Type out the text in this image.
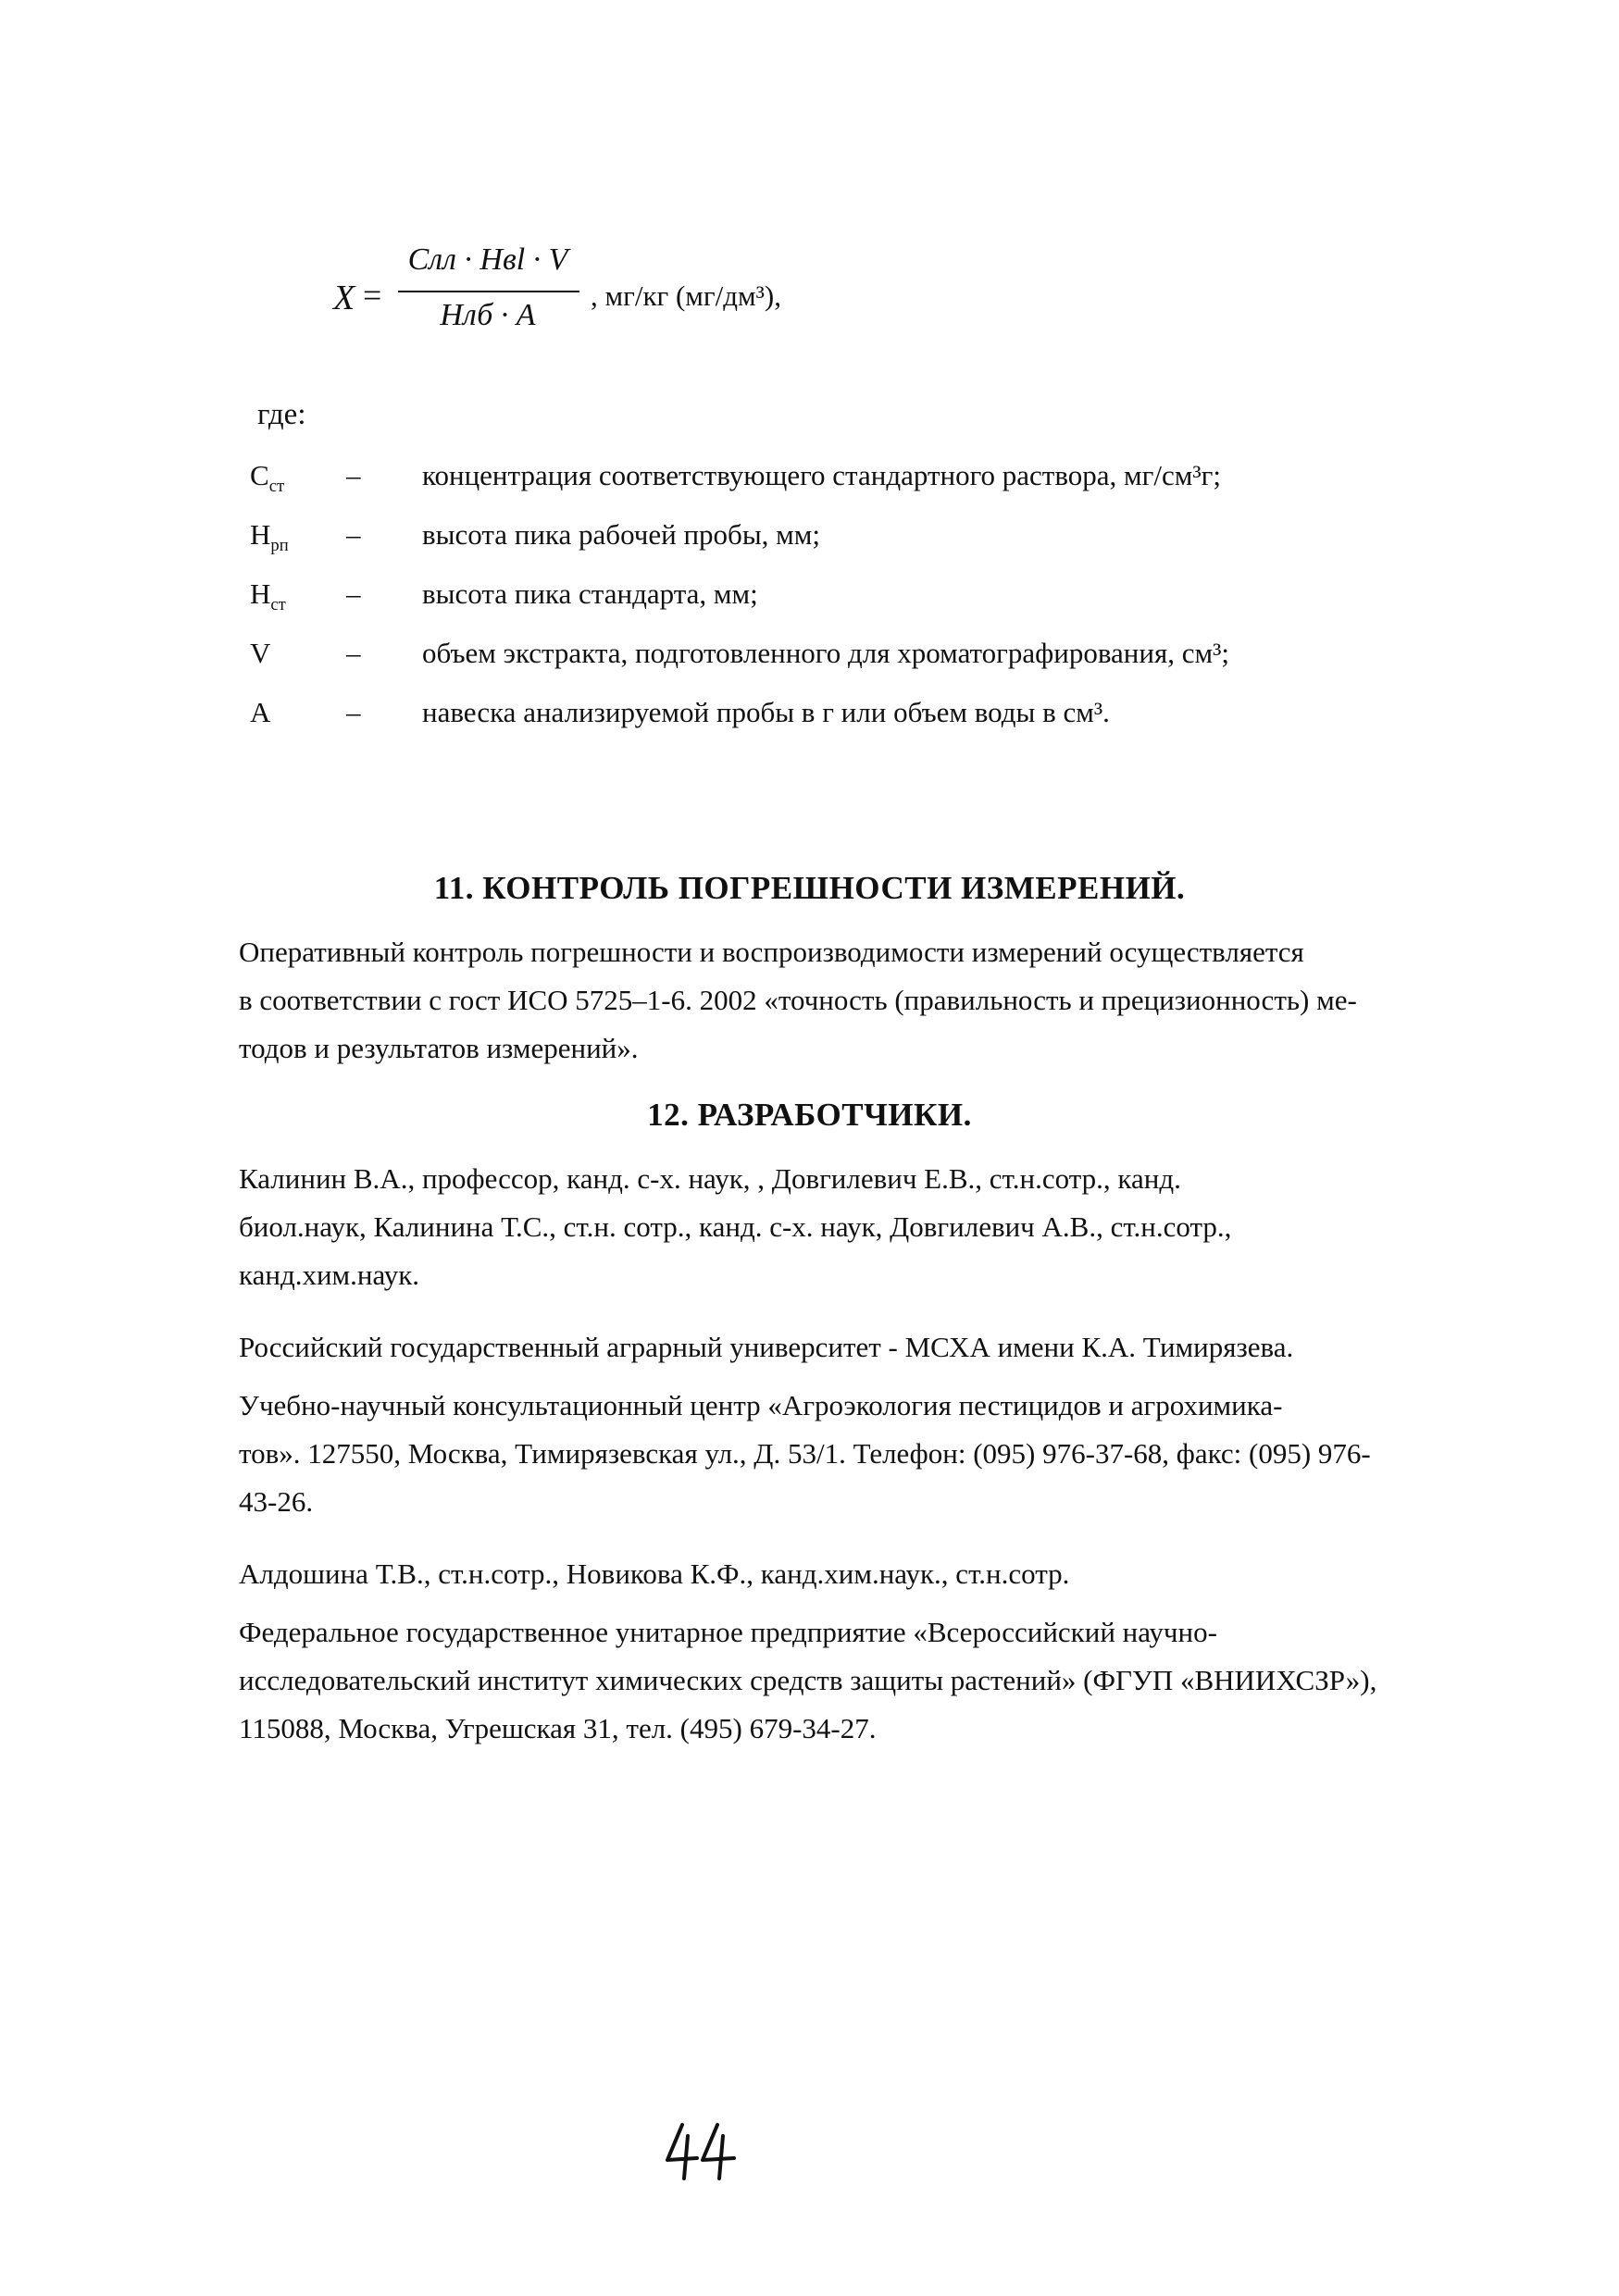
X =
Cлл · Hвl · V
Hлб · A
, мг/кг (мг/дм³),
где:
$C_{ст}$ – концентрация соответствующего стандартного раствора, мг/см³г;
$H_{рп}$ – высота пика рабочей пробы, мм;
$H_{ст}$ – высота пика стандарта, мм;
V	– объем экстракта, подготовленного для хроматографирования, см³;
A	– навеска анализируемой пробы в г или объем воды в см³.
11. КОНТРОЛЬ ПОГРЕШНОСТИ ИЗМЕРЕНИЙ.

Оперативный контроль погрешности и воспроизводимости измерений осуществляется

в соответствии с гост ИСО 5725–1-6. 2002 «точность (правильность и прецизионность) ме-

тодов и результатов измерений».

12. РАЗРАБОТЧИКИ.

Калинин В.А., профессор, канд. с-х. наук, , Довгилевич Е.В., ст.н.сотр., канд.

биол.наук, Калинина Т.С., ст.н. сотр., канд. с-х. наук, Довгилевич А.В., ст.н.сотр.,

канд.хим.наук.

Российский государственный аграрный университет - МСХА имени К.А. Тимирязева.

Учебно-научный консультационный центр «Агроэкология пестицидов и агрохимика-

тов». 127550, Москва, Тимирязевская ул., Д. 53/1. Телефон: (095) 976-37-68, факс: (095) 976-

43-26.

Алдошина Т.В., ст.н.сотр., Новикова К.Ф., канд.хим.наук., ст.н.сотр.

Федеральное государственное унитарное предприятие «Всероссийский научно-

исследовательский институт химических средств защиты растений» (ФГУП «ВНИИХСЗР»),

115088, Москва, Угрешская 31, тел. (495) 679-34-27.
